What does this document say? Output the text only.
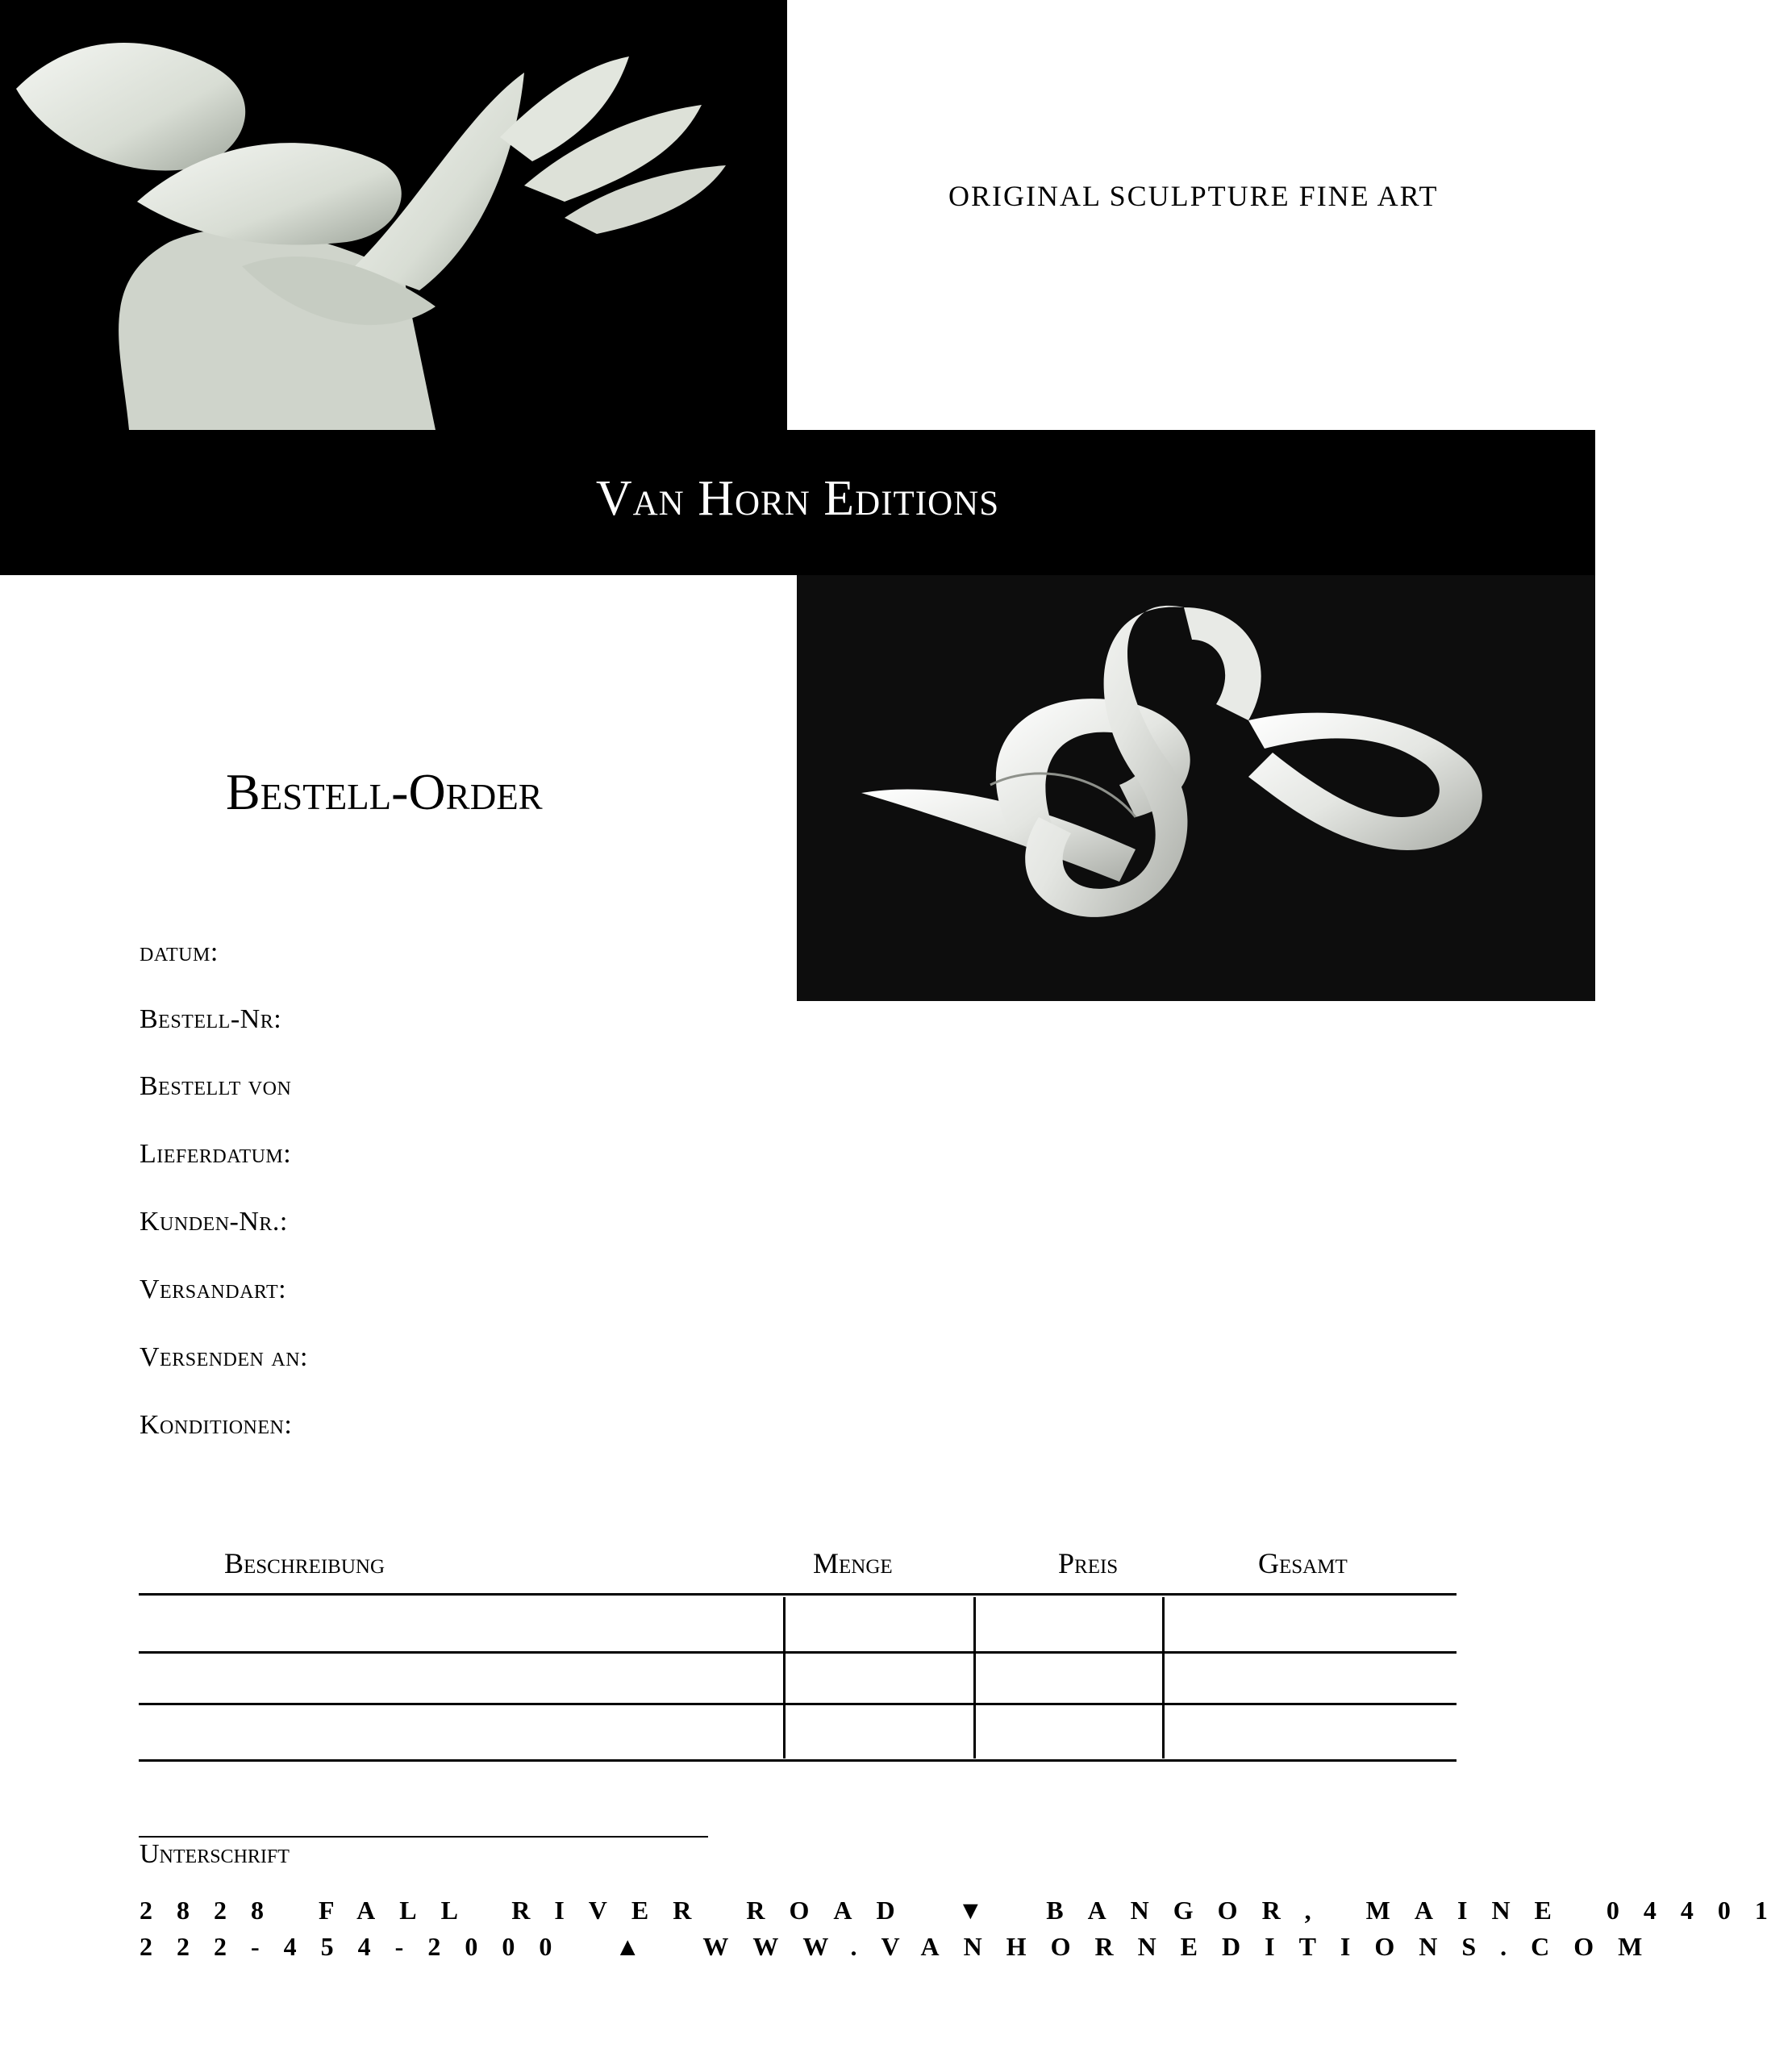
ORIGINAL SCULPTURE FINE ART
Van Horn Editions
Bestell-Order
datum:
Bestell-Nr:
Bestellt von
Lieferdatum:
Kunden-Nr.:
Versandart:
Versenden an:
Konditionen:
Beschreibung	Menge	Preis	Gesamt
Unterschrift
2828 FALL RIVER ROAD ▼ BANGOR, MAINE 04401
222-454-2000 ▲ WWW.VANHORNEDITIONS.COM
